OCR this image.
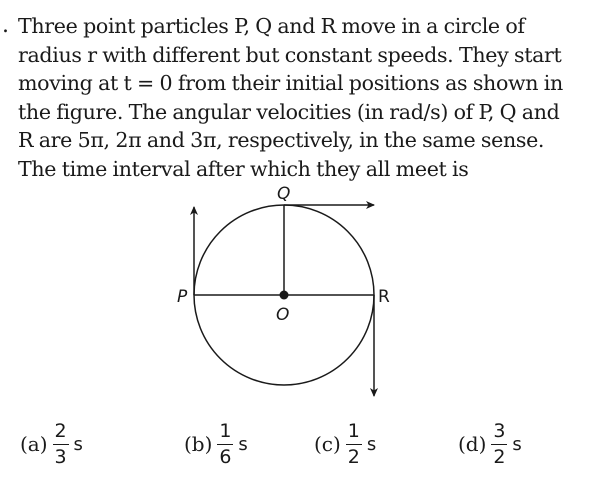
. Three point particles P, Q and R move in a circle of
radius r with different but constant speeds. They start
moving at t = 0 from their initial positions as shown in
the figure. The angular velocities (in rad/s) of P, Q and
R are 5π, 2π and 3π, respectively, in the same sense.
The time interval after which they all meet is
P
Q
R
O
$(a) \frac{2}{3}$ s	$(b) \frac{1}{6}$ s	$(c) \frac{1}{2}$ s	$(d) \frac{3}{2}$ s
